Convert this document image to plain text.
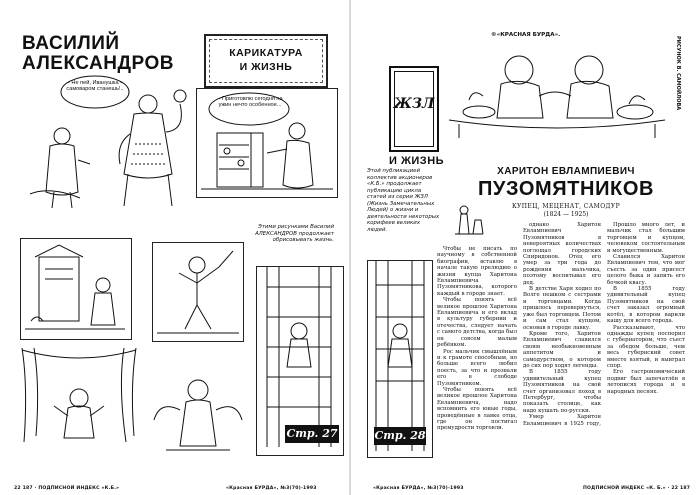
ВАСИЛИЙ
АЛЕКСАНДРОВ
– Не пей, Иванушка – самоваром станешь!..
КАРИКАТУРА
И ЖИЗНЬ
– Приготовлю сегодня на ужин нечто особенное...
Этими рисунками Василий АЛЕКСАНДРОВ продолжает обрисовывать жизнь.
Стр. 27
22 187 · ПОДПИСНОЙ ИНДЕКС «К.Б.»	«Красная БУРДА», №3(70)-1993
©«КРАСНАЯ БУРДА».
РИСУНОК В. САМОЙЛОВА
ЖЗЛ
И ЖИЗНЬ
Этой публикацией коллектив акционеров «К.Б.» продолжает публикацию цикла статей из серии ЖЗЛ (Жизнь Замечательных Людей) о жизни и деятельности некоторых корифеев великих людей.
ХАРИТОН ЕВЛАМПИЕВИЧ
ПУЗОМЯТНИКОВ
КУПЕЦ, МЕЦЕНАТ, САМОДУР
(1824 — 1925)

Чтобы не писать по научному в собственной биографии, вставлю в начале такую прелюдию о жизни купца Харитона Евлампиевича Пузомятникова, которого каждый в городе знает.

Чтобы понять всё великое прошлое Харитона Евлампиевича и его вклад в культуру губернии и отечества, следует начать с самого детства, когда был он совсем малым ребёнком.

Рос мальчик смышлёным и к грамоте способным, но больше всего любил поесть, за что и прозвали его в слободе Пузомятником.

Чтобы понять всё великое прошлое Харитона Евлампиевича, надо вспомнить его юные годы, проведённые в лавке отца, где он постигал премудрости торговли.

однако Харитон Евлампиевич Пузомятников в невероятных количествах поглощал городских Спиридонов. Отец его умер за три года до рождения мальчика, поэтому воспитывал его дед.

В детстве Харя ходил по Волге пешком с сестрами и торговцами. Когда пришлось перевернуться, уже был торговцем. Потом и сам стал купцом, основав в городе лавку.

Кроме того, Харитон Евлампиевич славился своим необыкновенным аппетитом и самодурством, о котором до сих пор ходят легенды.

В 1855 году удивительный купец Пузомятников на свой счет организовал поход в Петербург, чтобы показать столице, как надо кушать по-русски.

Умер Харитон Евлампиевич в 1925 году,

Прошло много лет, и мальчик стал большим торговцем и купцом, человеком состоятельным и могущественным.

Славился Харитон Евлампиевич тем, что мог съесть за один присест целого быка и запить его бочкой квасу.

В 1855 году удивительный купец Пузомятников на свой счет заказал огромный котёл, в котором варили кашу для всего города.

Рассказывают, что однажды купец поспорил с губернатором, что съест за обедом больше, чем весь губернский совет вместе взятый, и выиграл спор.

Его гастрономический подвиг был запечатлён в летописях города и в народных песнях.

Стр. 28
«Красная БУРДА», №3(70)-1993	ПОДПИСНОЙ ИНДЕКС «К. Б.» · 22 187
